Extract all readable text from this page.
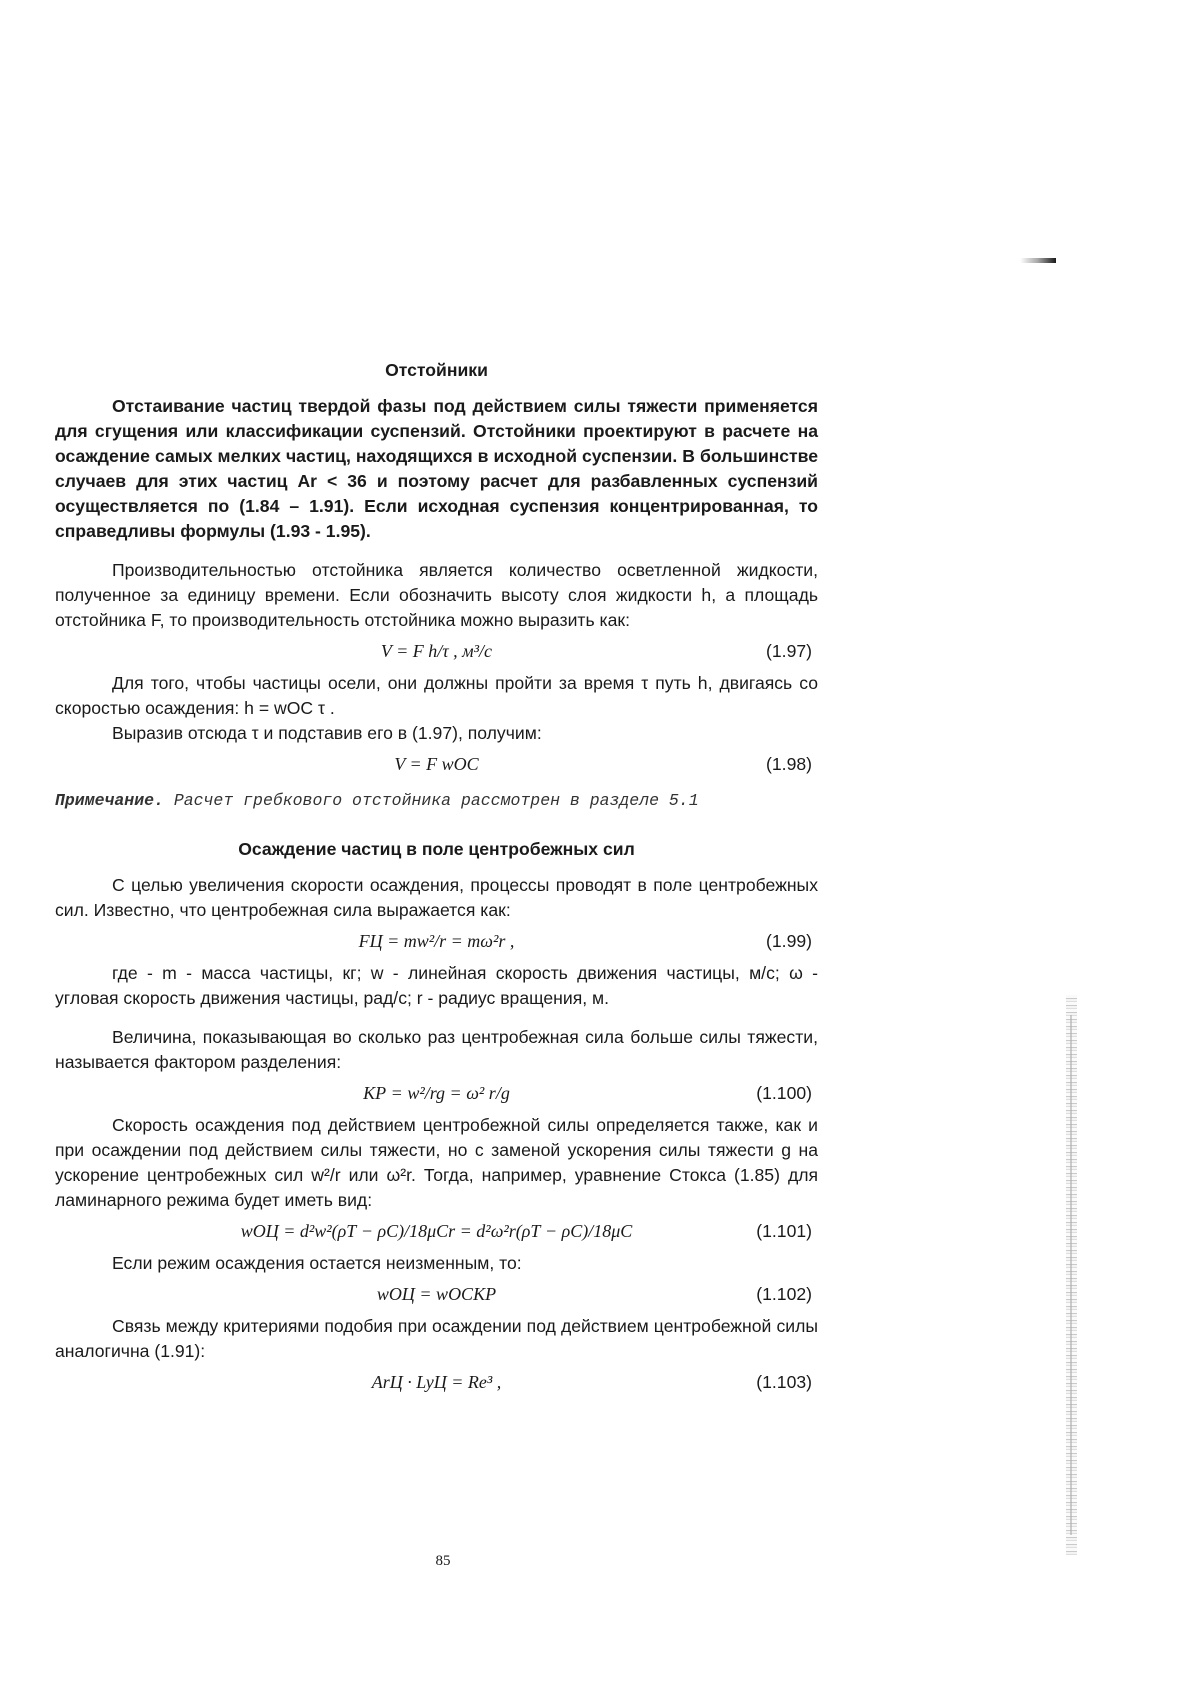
Отстойники

Отстаивание частиц твердой фазы под действием силы тяжести применяется для сгущения или классификации суспензий. Отстойники проектируют в расчете на осаждение самых мелких частиц, находящихся в исходной суспензии. В большинстве случаев для этих частиц Ar < 36 и поэтому расчет для разбавленных суспензий осуществляется по (1.84 – 1.91). Если исходная суспензия концентрированная, то справедливы формулы (1.93 - 1.95).

Производительностью отстойника является количество осветленной жидкости, полученное за единицу времени. Если обозначить высоту слоя жидкости h, а площадь отстойника F, то производительность отстойника можно выразить как:

V = F h/τ , м³/с	(1.97)

Для того, чтобы частицы осели, они должны пройти за время τ путь h, двигаясь со скоростью осаждения: h = wОС τ .

Выразив отсюда τ и подставив его в (1.97), получим:

V = F wОС	(1.98)
Примечание. Расчет гребкового отстойника рассмотрен в разделе 5.1
Осаждение частиц в поле центробежных сил

С целью увеличения скорости осаждения, процессы проводят в поле центробежных сил. Известно, что центробежная сила выражается как:

FЦ = mw²/r = mω²r ,	(1.99)

где - m - масса частицы, кг; w - линейная скорость движения частицы, м/с; ω - угловая скорость движения частицы, рад/с; r - радиус вращения, м.

Величина, показывающая во сколько раз центробежная сила больше силы тяжести, называется фактором разделения:

KР = w²/rg = ω² r/g	(1.100)

Скорость осаждения под действием центробежной силы определяется также, как и при осаждении под действием силы тяжести, но с заменой ускорения силы тяжести g на ускорение центробежных сил w²/r или ω²r. Тогда, например, уравнение Стокса (1.85) для ламинарного режима будет иметь вид:

wОЦ = d²w²(ρТ − ρС)/18μСr = d²ω²r(ρТ − ρС)/18μС	(1.101)

Если режим осаждения остается неизменным, то:

wОЦ = wОСKР	(1.102)

Связь между критериями подобия при осаждении под действием центробежной силы аналогична (1.91):

ArЦ · LyЦ = Re³ ,	(1.103)
85
